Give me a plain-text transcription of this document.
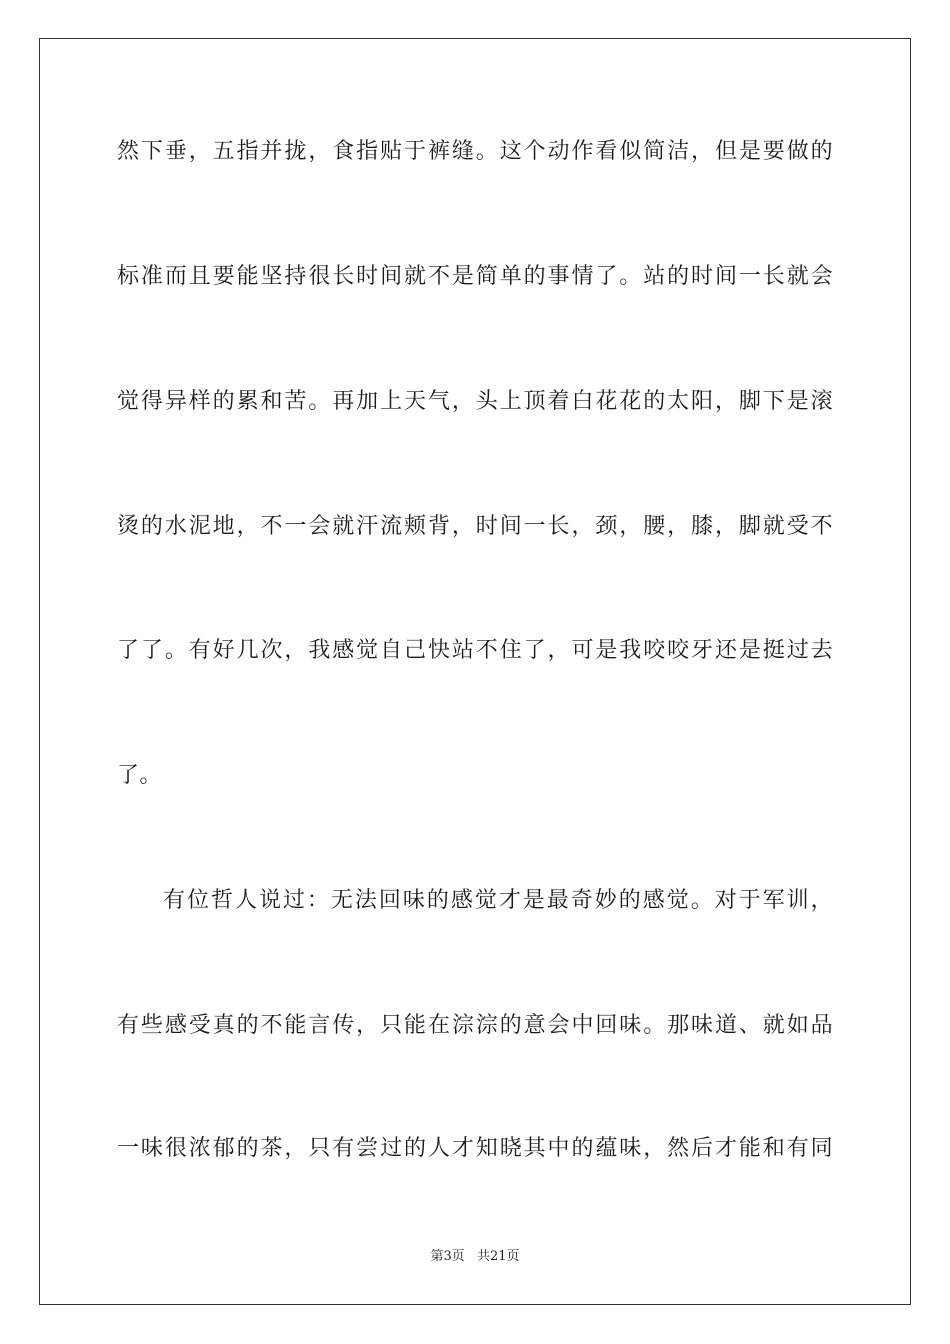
然下垂，五指并拢，食指贴于裤缝。这个动作看似简洁，但是要做的

标准而且要能坚持很长时间就不是简单的事情了。站的时间一长就会

觉得异样的累和苦。再加上天气，头上顶着白花花的太阳，脚下是滚

烫的水泥地，不一会就汗流颊背，时间一长，颈，腰，膝，脚就受不

了了。有好几次，我感觉自己快站不住了，可是我咬咬牙还是挺过去

了。

有位哲人说过：无法回味的感觉才是最奇妙的感觉。对于军训，

有些感受真的不能言传，只能在淙淙的意会中回味。那味道、就如品

一味很浓郁的茶，只有尝过的人才知晓其中的蕴味，然后才能和有同

第3页 共21页
